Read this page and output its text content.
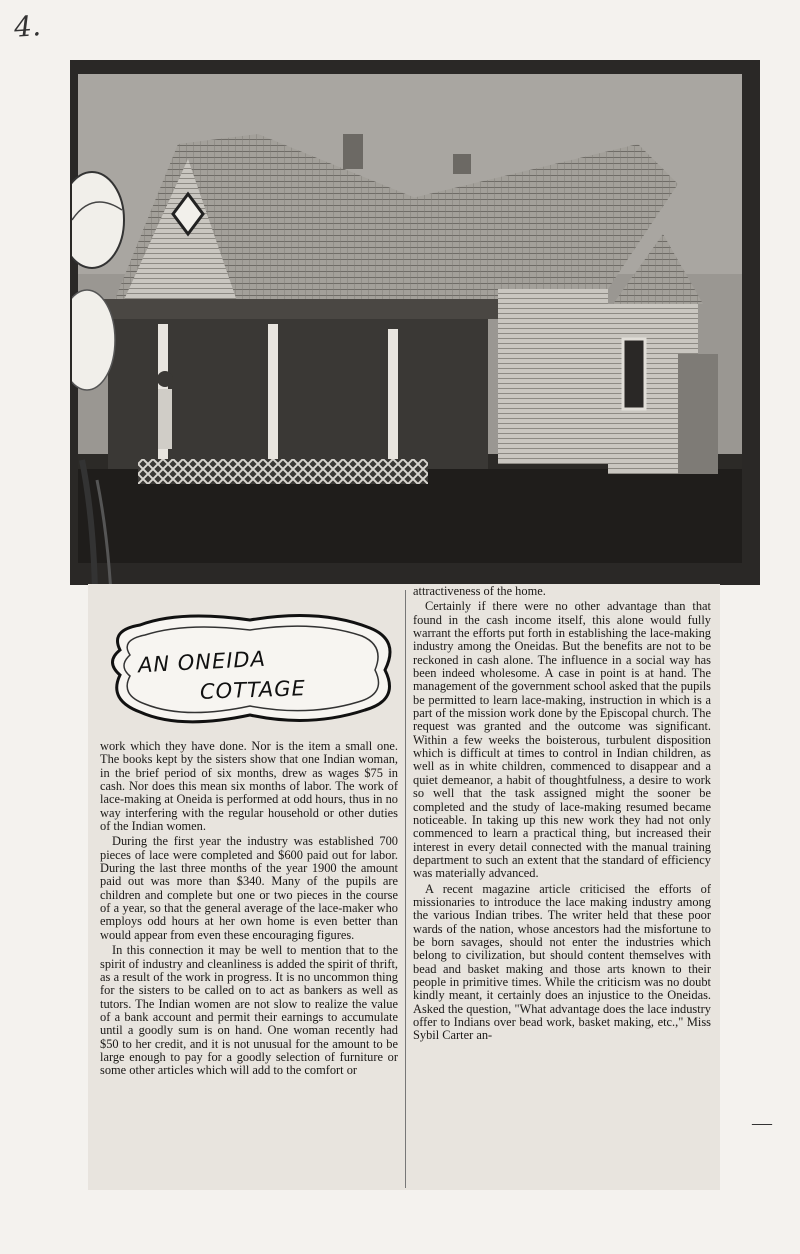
4.
AN ONEIDA
COTTAGE

work which they have done. Nor is the item a small one. The books kept by the sisters show that one Indian woman, in the brief period of six months, drew as wages $75 in cash. Nor does this mean six months of labor. The work of lace-making at Oneida is performed at odd hours, thus in no way interfering with the regular household or other duties of the Indian women.

During the first year the industry was established 700 pieces of lace were completed and $600 paid out for labor. During the last three months of the year 1900 the amount paid out was more than $340. Many of the pupils are children and complete but one or two pieces in the course of a year, so that the general average of the lace-maker who employs odd hours at her own home is even better than would appear from even these encouraging figures.

In this connection it may be well to mention that to the spirit of industry and cleanliness is added the spirit of thrift, as a result of the work in progress. It is no uncommon thing for the sisters to be called on to act as bankers as well as tutors. The Indian women are not slow to realize the value of a bank account and permit their earnings to accumulate until a goodly sum is on hand. One woman recently had $50 to her credit, and it is not unusual for the amount to be large enough to pay for a goodly selection of furniture or some other articles which will add to the comfort or

attractiveness of the home.

Certainly if there were no other advantage than that found in the cash income itself, this alone would fully warrant the efforts put forth in establishing the lace-making industry among the Oneidas. But the benefits are not to be reckoned in cash alone. The influence in a social way has been indeed wholesome. A case in point is at hand. The management of the government school asked that the pupils be permitted to learn lace-making, instruction in which is a part of the mission work done by the Episcopal church. The request was granted and the outcome was significant. Within a few weeks the boisterous, turbulent disposition which is difficult at times to control in Indian children, as well as in white children, commenced to disappear and a quiet demeanor, a habit of thoughtfulness, a desire to work so well that the task assigned might the sooner be completed and the study of lace-making resumed became noticeable. In taking up this new work they had not only commenced to learn a practical thing, but increased their interest in every detail connected with the manual training department to such an extent that the standard of efficiency was materially advanced.

A recent magazine article criticised the efforts of missionaries to introduce the lace making industry among the various Indian tribes. The writer held that these poor wards of the nation, whose ancestors had the misfortune to be born savages, should not enter the industries which belong to civilization, but should content themselves with bead and basket making and those arts known to their people in primitive times. While the criticism was no doubt kindly meant, it certainly does an injustice to the Oneidas. Asked the question, "What advantage does the lace industry offer to Indians over bead work, basket making, etc.," Miss Sybil Carter an-

—
